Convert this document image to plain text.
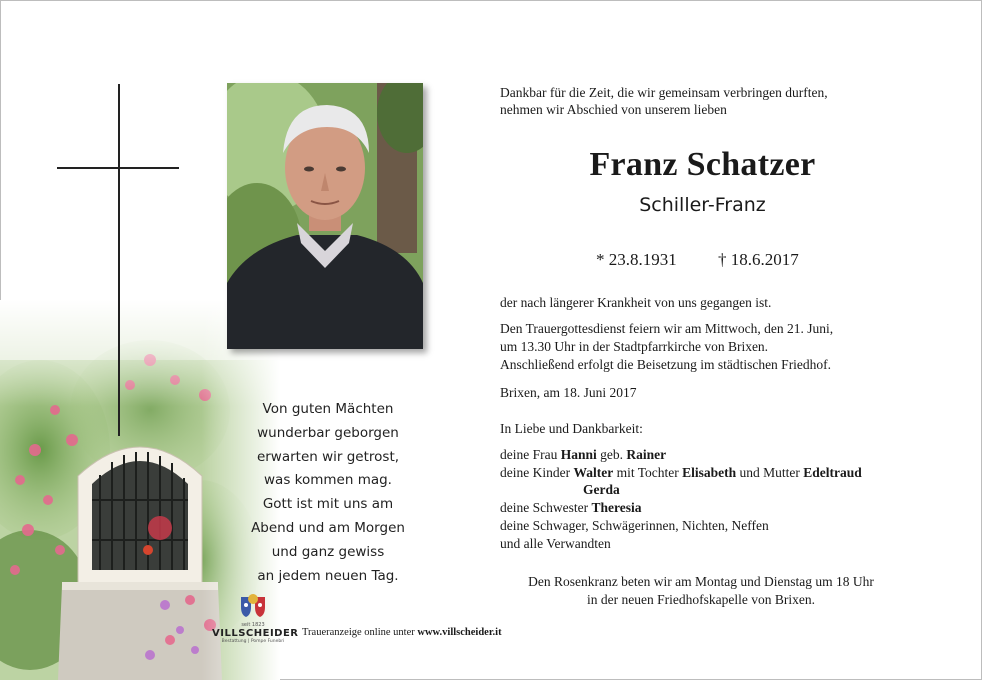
Von guten Mächten
wunderbar geborgen
erwarten wir getrost,
was kommen mag.
Gott ist mit uns am
Abend und am Morgen
und ganz gewiss
an jedem neuen Tag.
seit 1823
VILLSCHEIDER
Bestattung | Pompe Funebri
Traueranzeige online unter www.villscheider.it
Dankbar für die Zeit, die wir gemeinsam verbringen durften,
nehmen wir Abschied von unserem lieben
Franz Schatzer
Schiller-Franz
* 23.8.1931 † 18.6.2017
der nach längerer Krankheit von uns gegangen ist.
Den Trauergottesdienst feiern wir am Mittwoch, den 21. Juni,
um 13.30 Uhr in der Stadtpfarrkirche von Brixen.
Anschließend erfolgt die Beisetzung im städtischen Friedhof.
Brixen, am 18. Juni 2017
In Liebe und Dankbarkeit:
deine Frau Hanni geb. Rainer
deine Kinder Walter mit Tochter Elisabeth und Mutter Edeltraud
Gerda
deine Schwester Theresia
deine Schwager, Schwägerinnen, Nichten, Neffen
und alle Verwandten
Den Rosenkranz beten wir am Montag und Dienstag um 18 Uhr
in der neuen Friedhofskapelle von Brixen.
